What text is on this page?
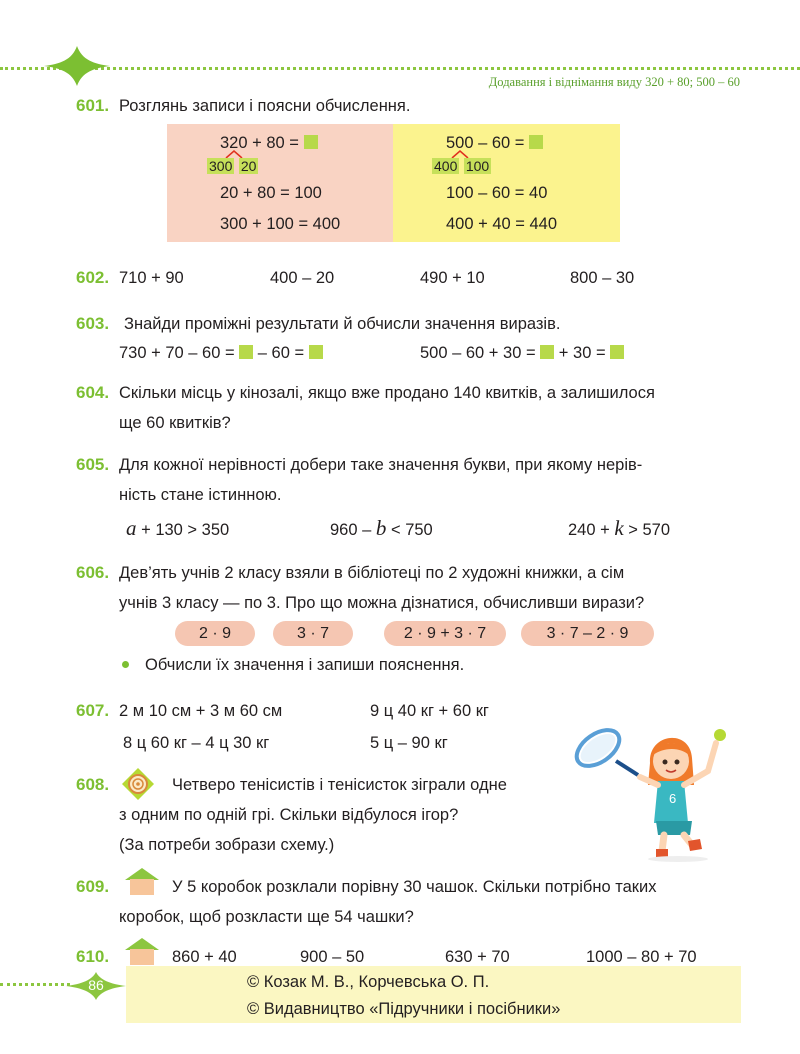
Додавання і віднімання виду 320 + 80; 500 – 60
601. Розглянь записи і поясни обчислення.
320 + 80 =
300 20
20 + 80 = 100
300 + 100 = 400
500 – 60 =
400 100
100 – 60 = 40
400 + 40 = 440
602. 710 + 90	400 – 20	490 + 10	800 – 30
603. Знайди проміжні результати й обчисли значення виразів.
730 + 70 – 60 = – 60 =	500 – 60 + 30 = + 30 =
604. Скільки місць у кінозалі, якщо вже продано 140 квитків, а залишилося
ще 60 квитків?
605. Для кожної нерівності добери таке значення букви, при якому нерів-
ність стане істинною.
a + 130 > 350	960 – b < 750	240 + k > 570
606. Дев’ять учнів 2 класу взяли в бібліотеці по 2 художні книжки, а сім
учнів 3 класу — по 3. Про що можна дізнатися, обчисливши вирази?
2 · 9	3 · 7	2 · 9 + 3 · 7	3 · 7 – 2 · 9
Обчисли їх значення і запиши пояснення.
607. 2 м 10 см + 3 м 60 см	9 ц 40 кг + 60 кг
8 ц 60 кг – 4 ц 30 кг	5 ц – 90 кг
6
608.	Четверо тенісистів і тенісисток зіграли одне
з одним по одній грі. Скільки відбулося ігор?
(За потреби зобрази схему.)
609.	У 5 коробок розклали порівну 30 чашок. Скільки потрібно таких
коробок, щоб розкласти ще 54 чашки?
610.	860 + 40	900 – 50	630 + 70	1000 – 80 + 70
86	© Козак М. В., Корчевська О. П.
© Видавництво «Підручники і посібники»
